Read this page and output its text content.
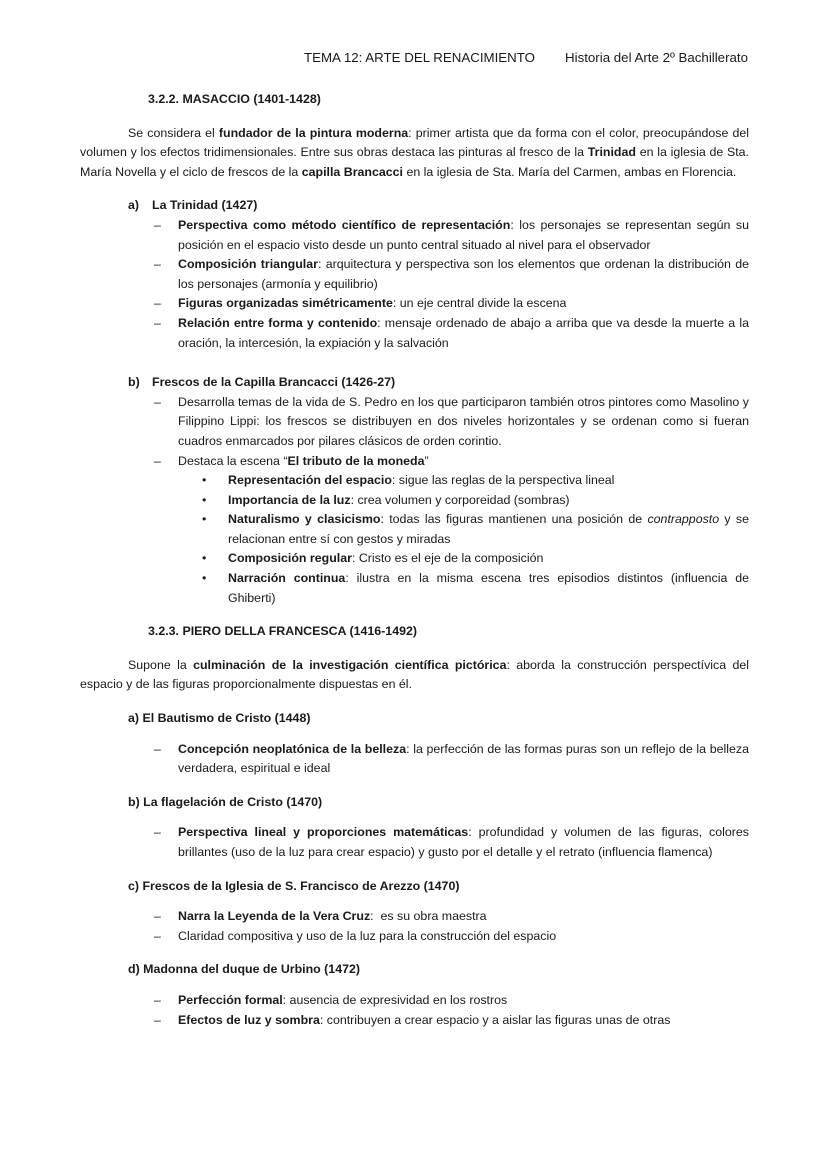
TEMA 12: ARTE DEL RENACIMIENTO Historia del Arte 2º Bachillerato
3.2.2. MASACCIO (1401-1428)

Se considera el fundador de la pintura moderna: primer artista que da forma con el color, preocupándose del volumen y los efectos tridimensionales. Entre sus obras destaca las pinturas al fresco de la Trinidad en la iglesia de Sta. María Novella y el ciclo de frescos de la capilla Brancacci en la iglesia de Sta. María del Carmen, ambas en Florencia.

a) La Trinidad (1427)
– Perspectiva como método científico de representación: los personajes se representan según su posición en el espacio visto desde un punto central situado al nivel para el observador
– Composición triangular: arquitectura y perspectiva son los elementos que ordenan la distribución de los personajes (armonía y equilibrio)
– Figuras organizadas simétricamente: un eje central divide la escena
– Relación entre forma y contenido: mensaje ordenado de abajo a arriba que va desde la muerte a la oración, la intercesión, la expiación y la salvación
b) Frescos de la Capilla Brancacci (1426-27)
– Desarrolla temas de la vida de S. Pedro en los que participaron también otros pintores como Masolino y Filippino Lippi: los frescos se distribuyen en dos niveles horizontales y se ordenan como si fueran cuadros enmarcados por pilares clásicos de orden corintio.
– Destaca la escena “El tributo de la moneda”
• Representación del espacio: sigue las reglas de la perspectiva lineal
• Importancia de la luz: crea volumen y corporeidad (sombras)
• Naturalismo y clasicismo: todas las figuras mantienen una posición de contrapposto y se relacionan entre sí con gestos y miradas
• Composición regular: Cristo es el eje de la composición
• Narración continua: ilustra en la misma escena tres episodios distintos (influencia de Ghiberti)
3.2.3. PIERO DELLA FRANCESCA (1416-1492)

Supone la culminación de la investigación científica pictórica: aborda la construcción perspectívica del espacio y de las figuras proporcionalmente dispuestas en él.

a) El Bautismo de Cristo (1448)
– Concepción neoplatónica de la belleza: la perfección de las formas puras son un reflejo de la belleza verdadera, espiritual e ideal
b) La flagelación de Cristo (1470)
– Perspectiva lineal y proporciones matemáticas: profundidad y volumen de las figuras, colores brillantes (uso de la luz para crear espacio) y gusto por el detalle y el retrato (influencia flamenca)
c) Frescos de la Iglesia de S. Francisco de Arezzo (1470)
– Narra la Leyenda de la Vera Cruz:  es su obra maestra
– Claridad compositiva y uso de la luz para la construcción del espacio
d) Madonna del duque de Urbino (1472)
– Perfección formal: ausencia de expresividad en los rostros
– Efectos de luz y sombra: contribuyen a crear espacio y a aislar las figuras unas de otras
